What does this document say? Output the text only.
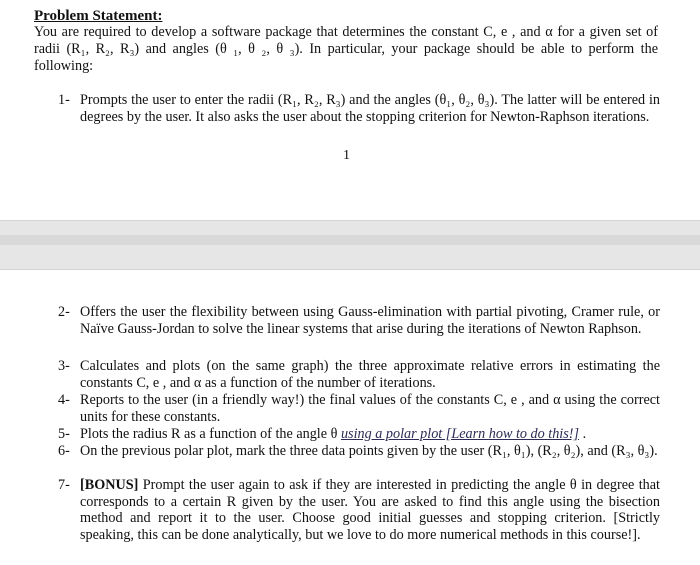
Problem Statement:
You are required to develop a software package that determines the constant C, e , and α for a given set of radii (R₁, R₂, R₃) and angles (θ ₁, θ ₂, θ ₃). In particular, your package should be able to perform the following:
1- Prompts the user to enter the radii (R₁, R₂, R₃) and the angles (θ₁, θ₂, θ₃). The latter will be entered in degrees by the user. It also asks the user about the stopping criterion for Newton-Raphson iterations.
1
2- Offers the user the flexibility between using Gauss-elimination with partial pivoting, Cramer rule, or Naïve Gauss-Jordan to solve the linear systems that arise during the iterations of Newton Raphson.
3- Calculates and plots (on the same graph) the three approximate relative errors in estimating the constants C, e , and α as a function of the number of iterations.
4- Reports to the user (in a friendly way!) the final values of the constants C, e , and α using the correct units for these constants.
5- Plots the radius R as a function of the angle θ using a polar plot [Learn how to do this!] .
6- On the previous polar plot, mark the three data points given by the user (R₁, θ₁), (R₂, θ₂), and (R₃, θ₃).
7- [BONUS] Prompt the user again to ask if they are interested in predicting the angle θ in degree that corresponds to a certain R given by the user. You are asked to find this angle using the bisection method and report it to the user. Choose good initial guesses and stopping criterion. [Strictly speaking, this can be done analytically, but we love to do more numerical methods in this course!].
